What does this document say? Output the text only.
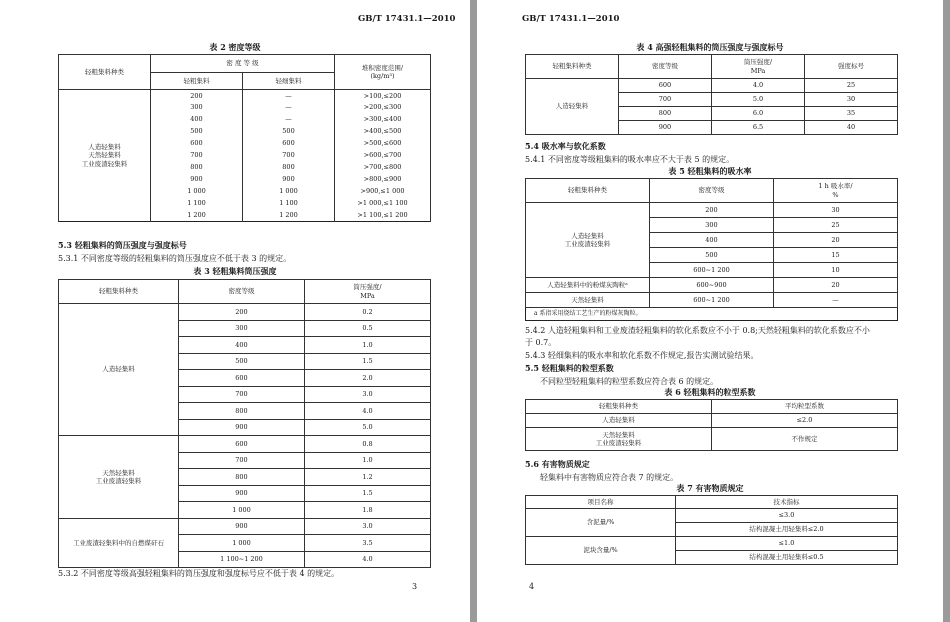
GB/T 17431.1—2010
表 2 密度等级
轻粗集料种类	密 度 等 级		堆积密度范围/
(kg/m³)
	轻粗集料	轻细集料	
人造轻集料
天然轻集料
工业废渣轻集料	200	—	>100,≤200
	300	—	>200,≤300
	400	—	>300,≤400
	500	500	>400,≤500
	600	600	>500,≤600
	700	700	>600,≤700
	800	800	>700,≤800
	900	900	>800,≤900
	1 000	1 000	>900,≤1 000
	1 100	1 100	>1 000,≤1 100
	1 200	1 200	>1 100,≤1 200
5.3 轻粗集料的筒压强度与强度标号
5.3.1 不同密度等级的轻粗集料的筒压强度应不低于表 3 的规定。
表 3 轻粗集料筒压强度
轻粗集料种类	密度等级	筒压强度/
MPa
人造轻集料	200	0.2
	300	0.5
	400	1.0
	500	1.5
	600	2.0
	700	3.0
	800	4.0
	900	5.0
天然轻集料
工业废渣轻集料	600	0.8
	700	1.0
	800	1.2
	900	1.5
	1 000	1.8
工业废渣轻集料中的自燃煤矸石	900	3.0
	1 000	3.5
	1 100~1 200	4.0
5.3.2 不同密度等级高强轻粗集料的筒压强度和强度标号应不低于表 4 的规定。
3
GB/T 17431.1—2010
表 4 高强轻粗集料的筒压强度与强度标号
轻粗集料种类	密度等级	筒压强度/
MPa	强度标号
人造轻集料	600	4.0	25
	700	5.0	30
	800	6.0	35
	900	6.5	40
5.4 吸水率与软化系数
5.4.1 不同密度等级粗集料的吸水率应不大于表 5 的规定。
表 5 轻粗集料的吸水率
轻粗集料种类	密度等级	1 h 吸水率/
%
人造轻集料
工业废渣轻集料	200	30
	300	25
	400	20
	500	15
	600~1 200	10
人造轻集料中的粉煤灰陶粒ᵃ	600~900	20
天然轻集料	600~1 200	—
a 系指采用烧结工艺生产的粉煤灰陶粒。		
5.4.2 人造轻粗集料和工业废渣轻粗集料的软化系数应不小于 0.8;天然轻粗集料的软化系数应不小
于 0.7。
5.4.3 轻细集料的吸水率和软化系数不作规定,报告实测试验结果。
5.5 轻粗集料的粒型系数
不同粒型轻粗集料的粒型系数应符合表 6 的规定。
表 6 轻粗集料的粒型系数
轻粗集料种类	平均粒型系数
人造轻集料	≤2.0
天然轻集料
工业废渣轻集料	不作规定
5.6 有害物质规定
轻集料中有害物质应符合表 7 的规定。
表 7 有害物质规定
项目名称	技术指标
含泥量/%	≤3.0
	结构混凝土用轻集料≤2.0
泥块含量/%	≤1.0
	结构混凝土用轻集料≤0.5
4
